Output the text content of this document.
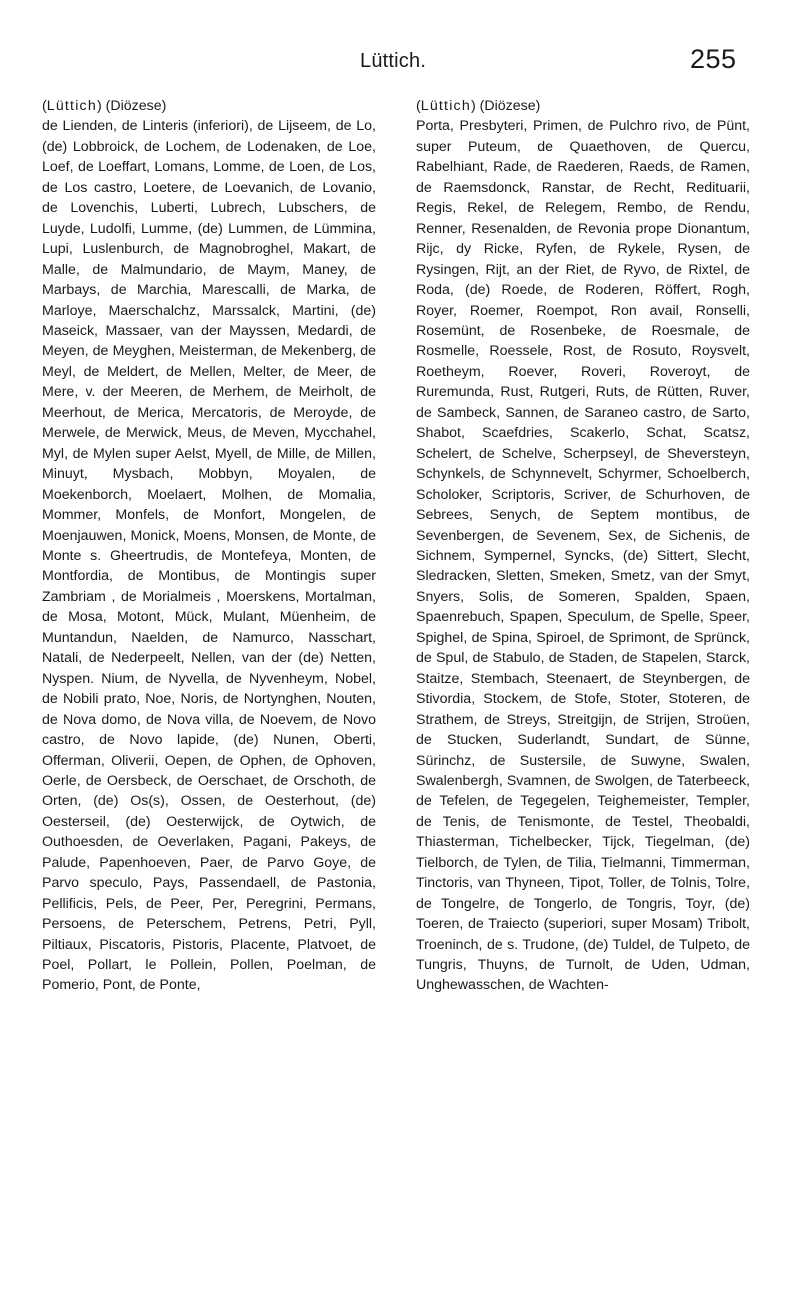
Lüttich.	255

(Lüttich) (Diözese)
de Lienden, de Linteris (inferiori), de Lijseem, de Lo, (de) Lobbroick, de Lochem, de Lodenaken, de Loe, Loef, de Loeffart, Lomans, Lomme, de Loen, de Los, de Los castro, Loetere, de Loevanich, de Lovanio, de Lovenchis, Luberti, Lubrech, Lubschers, de Luyde, Ludolfi, Lumme, (de) Lummen, de Lümmina, Lupi, Luslenburch, de Magnobroghel, Makart, de Malle, de Malmundario, de Maym, Maney, de Marbays, de Marchia, Marescalli, de Marka, de Marloye, Maerschalchz, Marssalck, Martini, (de) Maseick, Massaer, van der Mayssen, Medardi, de Meyen, de Meyghen, Meisterman, de Mekenberg, de Meyl, de Meldert, de Mellen, Melter, de Meer, de Mere, v. der Meeren, de Merhem, de Meirholt, de Meerhout, de Merica, Mercatoris, de Meroyde, de Merwele, de Merwick, Meus, de Meven, Mycchahel, Myl, de Mylen super Aelst, Myell, de Mille, de Millen, Minuyt, Mysbach, Mobbyn, Moyalen, de Moekenborch, Moelaert, Molhen, de Momalia, Mommer, Monfels, de Monfort, Mongelen, de Moenjauwen, Monick, Moens, Monsen, de Monte, de Monte s. Gheertrudis, de Montefeya, Monten, de Montfordia, de Montibus, de Montingis super Zambriam , de Morialmeis , Moerskens, Mortalman, de Mosa, Motont, Mück, Mulant, Müenheim, de Muntandun, Naelden, de Namurco, Nasschart, Natali, de Nederpeelt, Nellen, van der (de) Netten, Nyspen. Nium, de Nyvella, de Nyvenheym, Nobel, de Nobili prato, Noe, Noris, de Nortynghen, Nouten, de Nova domo, de Nova villa, de Noevem, de Novo castro, de Novo lapide, (de) Nunen, Oberti, Offerman, Oliverii, Oepen, de Ophen, de Ophoven, Oerle, de Oersbeck, de Oerschaet, de Orschoth, de Orten, (de) Os(s), Ossen, de Oesterhout, (de) Oesterseil, (de) Oesterwijck, de Oytwich, de Outhoesden, de Oeverlaken, Pagani, Pakeys, de Palude, Papenhoeven, Paer, de Parvo Goye, de Parvo speculo, Pays, Passendaell, de Pastonia, Pellificis, Pels, de Peer, Per, Peregrini, Permans, Persoens, de Peterschem, Petrens, Petri, Pyll, Piltiaux, Piscatoris, Pistoris, Placente, Platvoet, de Poel, Pollart, le Pollein, Pollen, Poelman, de Pomerio, Pont, de Ponte,

(Lüttich) (Diözese)
Porta, Presbyteri, Primen, de Pulchro rivo, de Pünt, super Puteum, de Quaethoven, de Quercu, Rabelhiant, Rade, de Raederen, Raeds, de Ramen, de Raemsdonck, Ranstar, de Recht, Redituarii, Regis, Rekel, de Relegem, Rembo, de Rendu, Renner, Resenalden, de Revonia prope Dionantum, Rijc, dy Ricke, Ryfen, de Rykele, Rysen, de Rysingen, Rijt, an der Riet, de Ryvo, de Rixtel, de Roda, (de) Roede, de Roderen, Röffert, Rogh, Royer, Roemer, Roempot, Ron avail, Ronselli, Rosemünt, de Rosenbeke, de Roesmale, de Rosmelle, Roessele, Rost, de Rosuto, Roysvelt, Roetheym, Roever, Roveri, Roveroyt, de Ruremunda, Rust, Rutgeri, Ruts, de Rütten, Ruver, de Sambeck, Sannen, de Saraneo castro, de Sarto, Shabot, Scaefdries, Scakerlo, Schat, Scatsz, Schelert, de Schelve, Scherpseyl, de Sheversteyn, Schynkels, de Schynnevelt, Schyrmer, Schoelberch, Scholoker, Scriptoris, Scriver, de Schurhoven, de Sebrees, Senych, de Septem montibus, de Sevenbergen, de Sevenem, Sex, de Sichenis, de Sichnem, Sympernel, Syncks, (de) Sittert, Slecht, Sledracken, Sletten, Smeken, Smetz, van der Smyt, Snyers, Solis, de Someren, Spalden, Spaen, Spaenrebuch, Spapen, Speculum, de Spelle, Speer, Spighel, de Spina, Spiroel, de Sprimont, de Sprünck, de Spul, de Stabulo, de Staden, de Stapelen, Starck, Staitze, Stembach, Steenaert, de Steynbergen, de Stivordia, Stockem, de Stofe, Stoter, Stoteren, de Strathem, de Streys, Streitgijn, de Strijen, Stroüen, de Stucken, Suderlandt, Sundart, de Sünne, Sürinchz, de Sustersile, de Suwyne, Swalen, Swalenbergh, Svamnen, de Swolgen, de Taterbeeck, de Tefelen, de Tegegelen, Teighemeister, Templer, de Tenis, de Tenismonte, de Testel, Theobaldi, Thiasterman, Tichelbecker, Tijck, Tiegelman, (de) Tielborch, de Tylen, de Tilia, Tielmanni, Timmerman, Tinctoris, van Thyneen, Tipot, Toller, de Tolnis, Tolre, de Tongelre, de Tongerlo, de Tongris, Toyr, (de) Toeren, de Traiecto (superiori, super Mosam) Tribolt, Troeninch, de s. Trudone, (de) Tuldel, de Tulpeto, de Tungris, Thuyns, de Turnolt, de Uden, Udman, Unghewasschen, de Wachten-
